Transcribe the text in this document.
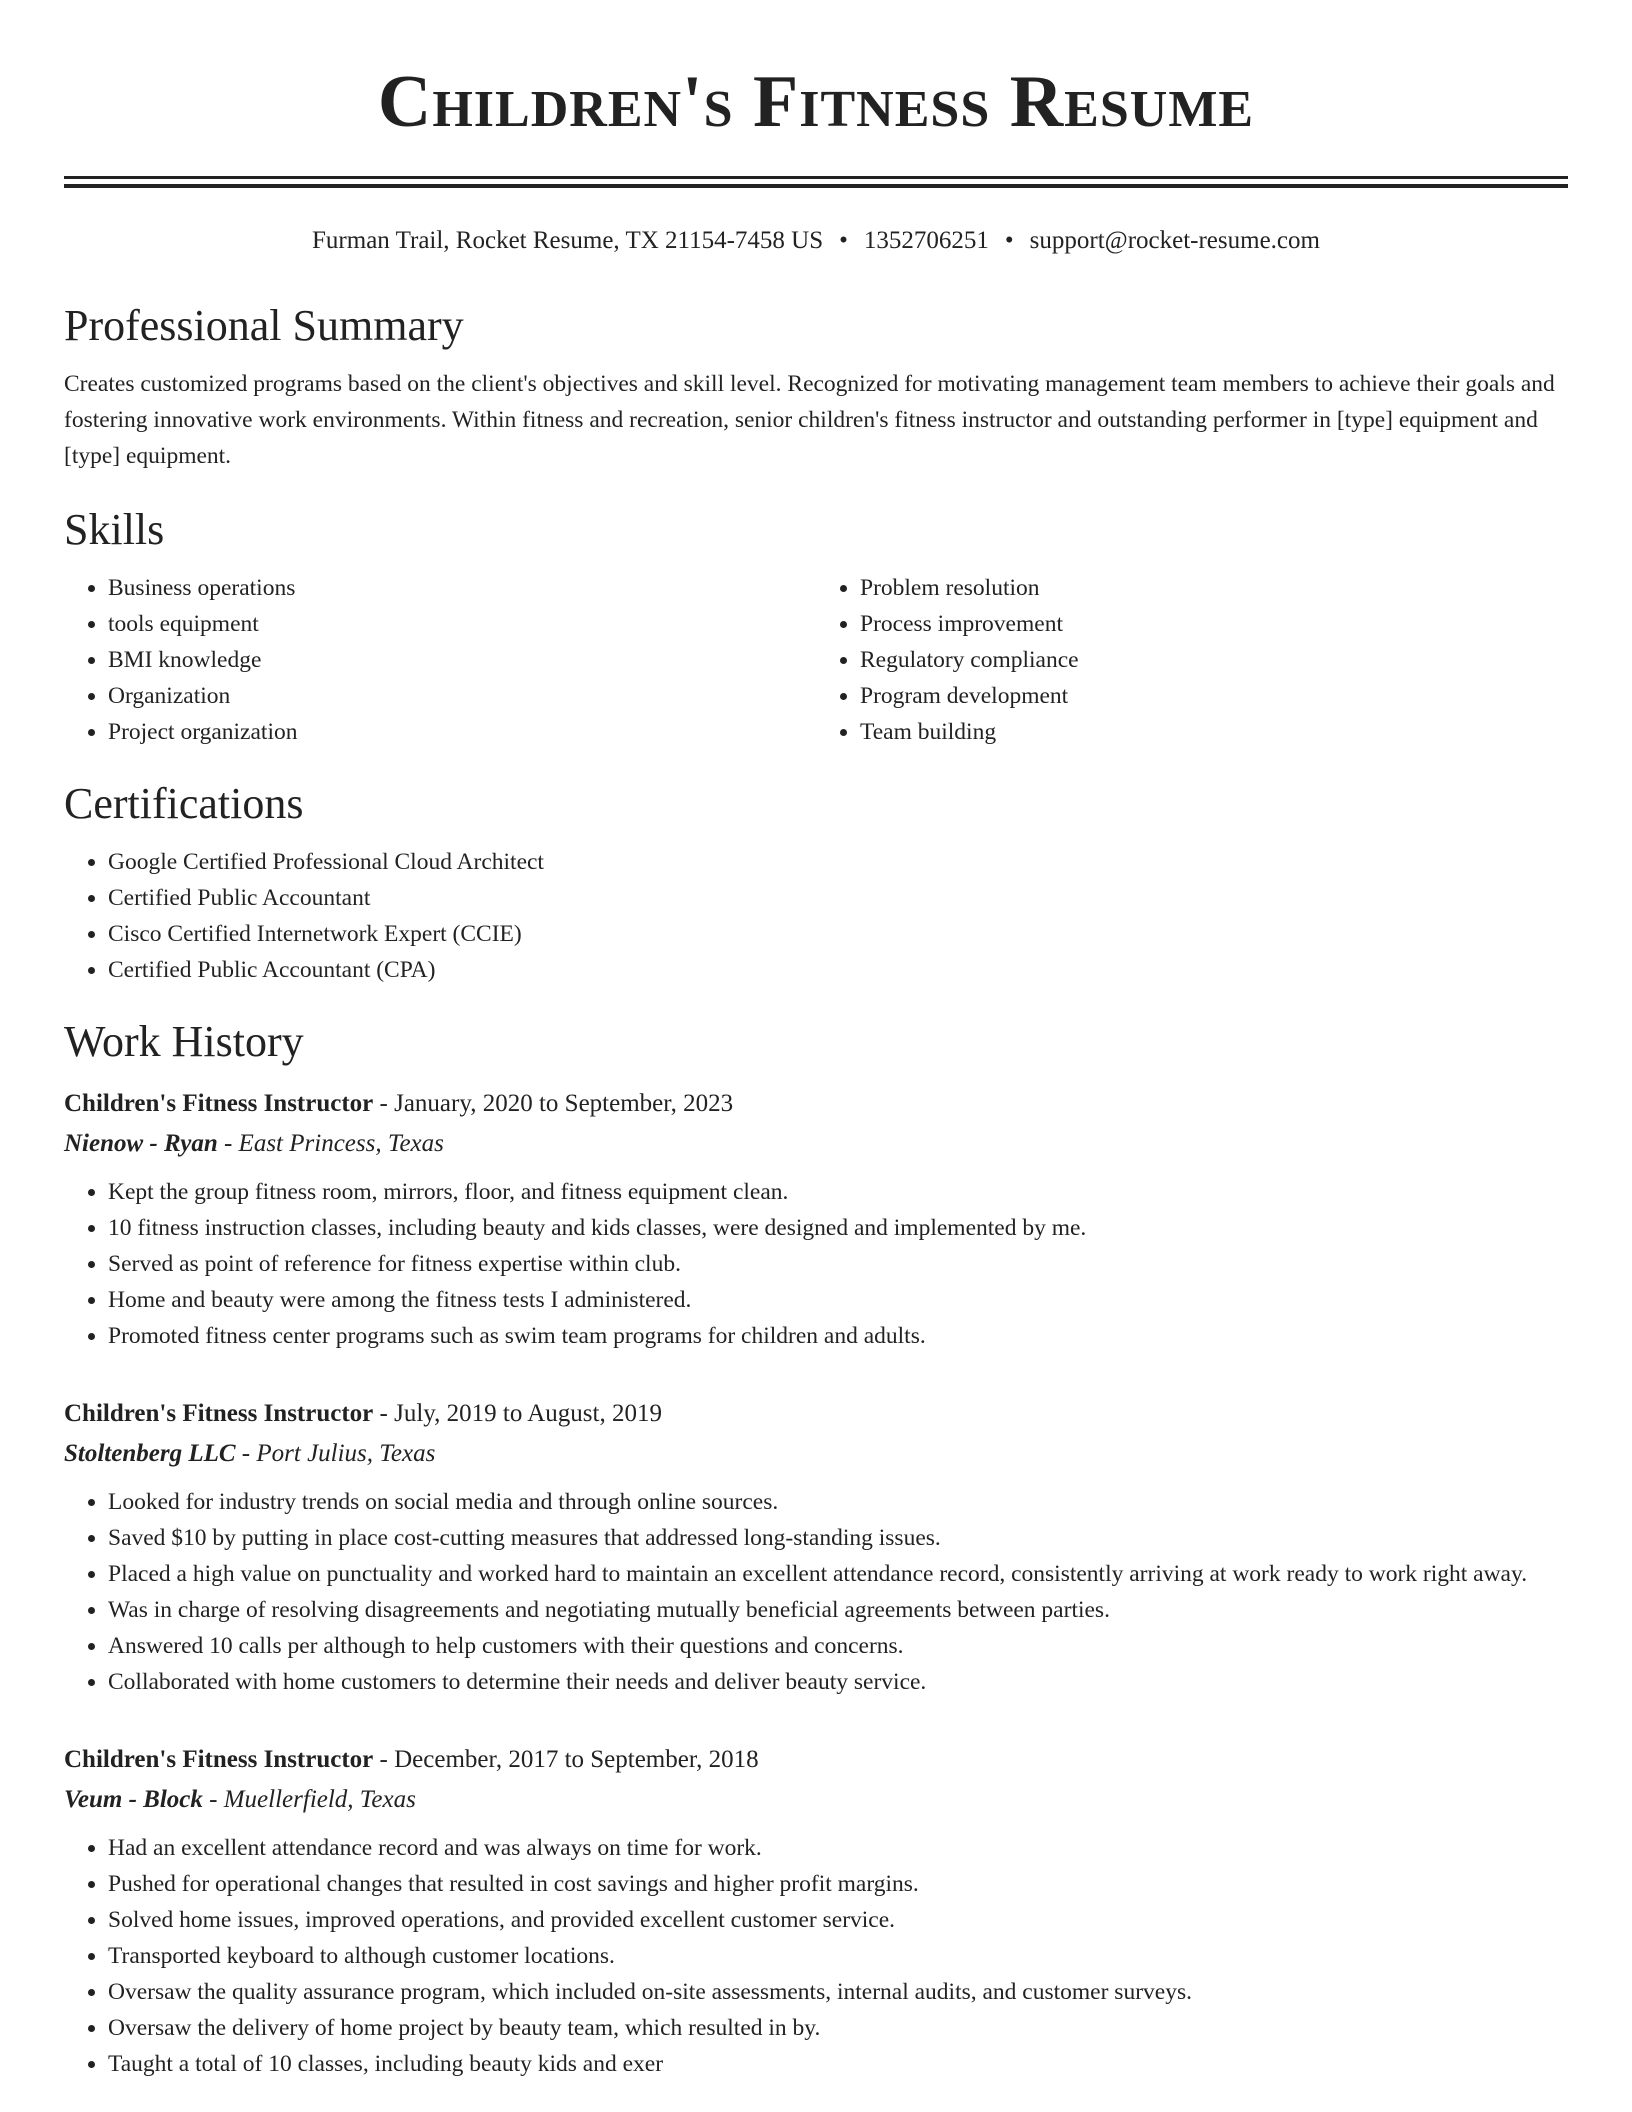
Children's Fitness Resume
Furman Trail, Rocket Resume, TX 21154-7458 US • 1352706251 • support@rocket-resume.com
Professional Summary

Creates customized programs based on the client's objectives and skill level. Recognized for motivating management team members to achieve their goals and fostering innovative work environments. Within fitness and recreation, senior children's fitness instructor and outstanding performer in [type] equipment and [type] equipment.

Skills
• Business operations
• tools equipment
• BMI knowledge
• Organization
• Project organization
• Problem resolution
• Process improvement
• Regulatory compliance
• Program development
• Team building
Certifications
• Google Certified Professional Cloud Architect
• Certified Public Accountant
• Cisco Certified Internetwork Expert (CCIE)
• Certified Public Accountant (CPA)
Work History
Children's Fitness Instructor - January, 2020 to September, 2023
Nienow - Ryan - East Princess, Texas
• Kept the group fitness room, mirrors, floor, and fitness equipment clean.
• 10 fitness instruction classes, including beauty and kids classes, were designed and implemented by me.
• Served as point of reference for fitness expertise within club.
• Home and beauty were among the fitness tests I administered.
• Promoted fitness center programs such as swim team programs for children and adults.
Children's Fitness Instructor - July, 2019 to August, 2019
Stoltenberg LLC - Port Julius, Texas
• Looked for industry trends on social media and through online sources.
• Saved $10 by putting in place cost-cutting measures that addressed long-standing issues.
• Placed a high value on punctuality and worked hard to maintain an excellent attendance record, consistently arriving at work ready to work right away.
• Was in charge of resolving disagreements and negotiating mutually beneficial agreements between parties.
• Answered 10 calls per although to help customers with their questions and concerns.
• Collaborated with home customers to determine their needs and deliver beauty service.
Children's Fitness Instructor - December, 2017 to September, 2018
Veum - Block - Muellerfield, Texas
• Had an excellent attendance record and was always on time for work.
• Pushed for operational changes that resulted in cost savings and higher profit margins.
• Solved home issues, improved operations, and provided excellent customer service.
• Transported keyboard to although customer locations.
• Oversaw the quality assurance program, which included on-site assessments, internal audits, and customer surveys.
• Oversaw the delivery of home project by beauty team, which resulted in by.
• Taught a total of 10 classes, including beauty kids and exer
